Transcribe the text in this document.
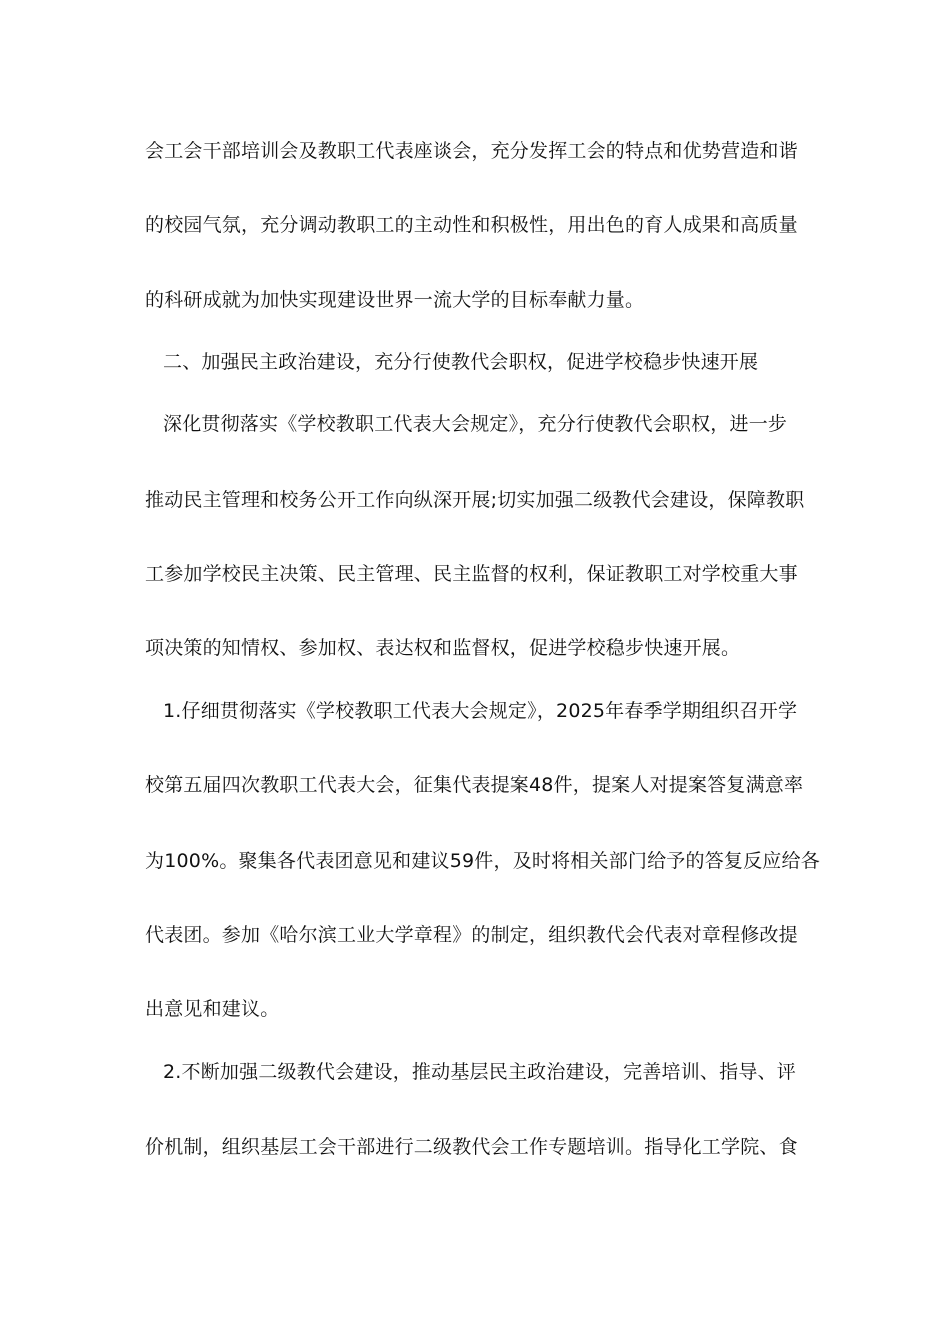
会工会干部培训会及教职工代表座谈会，充分发挥工会的特点和优势营造和谐
的校园气氛，充分调动教职工的主动性和积极性，用出色的育人成果和高质量
的科研成就为加快实现建设世界一流大学的目标奉献力量。
二、加强民主政治建设，充分行使教代会职权，促进学校稳步快速开展
深化贯彻落实《学校教职工代表大会规定》，充分行使教代会职权，进一步
推动民主管理和校务公开工作向纵深开展;切实加强二级教代会建设，保障教职
工参加学校民主决策、民主管理、民主监督的权利，保证教职工对学校重大事
项决策的知情权、参加权、表达权和监督权，促进学校稳步快速开展。
1.仔细贯彻落实《学校教职工代表大会规定》，2025年春季学期组织召开学
校第五届四次教职工代表大会，征集代表提案48件，提案人对提案答复满意率
为100%。聚集各代表团意见和建议59件，及时将相关部门给予的答复反应给各
代表团。参加《哈尔滨工业大学章程》的制定，组织教代会代表对章程修改提
出意见和建议。
2.不断加强二级教代会建设，推动基层民主政治建设，完善培训、指导、评
价机制，组织基层工会干部进行二级教代会工作专题培训。指导化工学院、食
